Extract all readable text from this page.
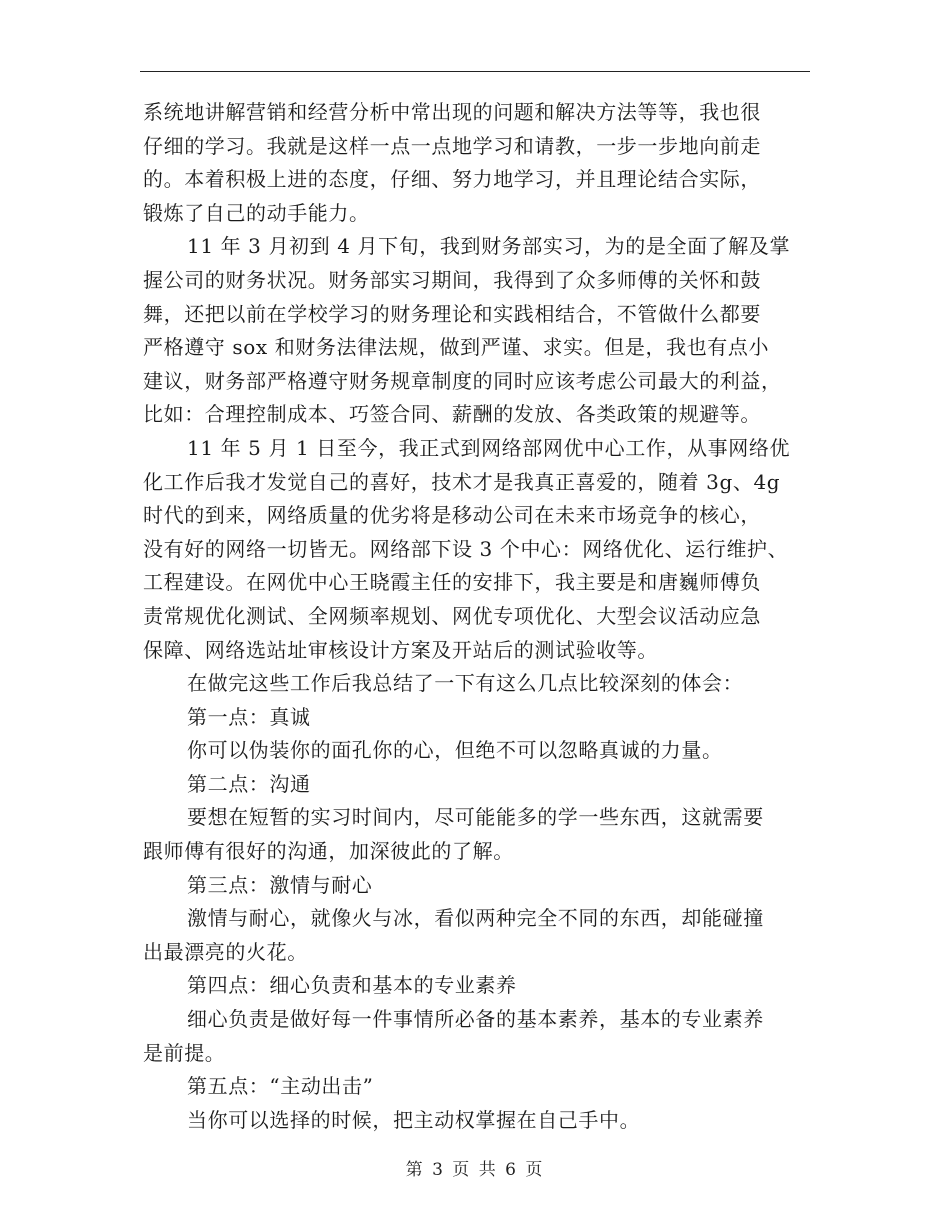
系统地讲解营销和经营分析中常出现的问题和解决方法等等，我也很
仔细的学习。我就是这样一点一点地学习和请教，一步一步地向前走
的。本着积极上进的态度，仔细、努力地学习，并且理论结合实际，
锻炼了自己的动手能力。
11 年 3 月初到 4 月下旬，我到财务部实习，为的是全面了解及掌
握公司的财务状况。财务部实习期间，我得到了众多师傅的关怀和鼓
舞，还把以前在学校学习的财务理论和实践相结合，不管做什么都要
严格遵守 sox 和财务法律法规，做到严谨、求实。但是，我也有点小
建议，财务部严格遵守财务规章制度的同时应该考虑公司最大的利益，
比如：合理控制成本、巧签合同、薪酬的发放、各类政策的规避等。
11 年 5 月 1 日至今，我正式到网络部网优中心工作，从事网络优
化工作后我才发觉自己的喜好，技术才是我真正喜爱的，随着 3g、4g
时代的到来，网络质量的优劣将是移动公司在未来市场竞争的核心，
没有好的网络一切皆无。网络部下设 3 个中心：网络优化、运行维护、
工程建设。在网优中心王晓霞主任的安排下，我主要是和唐巍师傅负
责常规优化测试、全网频率规划、网优专项优化、大型会议活动应急
保障、网络选站址审核设计方案及开站后的测试验收等。
在做完这些工作后我总结了一下有这么几点比较深刻的体会：
第一点：真诚
你可以伪装你的面孔你的心，但绝不可以忽略真诚的力量。
第二点：沟通
要想在短暂的实习时间内，尽可能能多的学一些东西，这就需要
跟师傅有很好的沟通，加深彼此的了解。
第三点：激情与耐心
激情与耐心，就像火与冰，看似两种完全不同的东西，却能碰撞
出最漂亮的火花。
第四点：细心负责和基本的专业素养
细心负责是做好每一件事情所必备的基本素养，基本的专业素养
是前提。
第五点：“主动出击”
当你可以选择的时候，把主动权掌握在自己手中。
第 3 页 共 6 页
